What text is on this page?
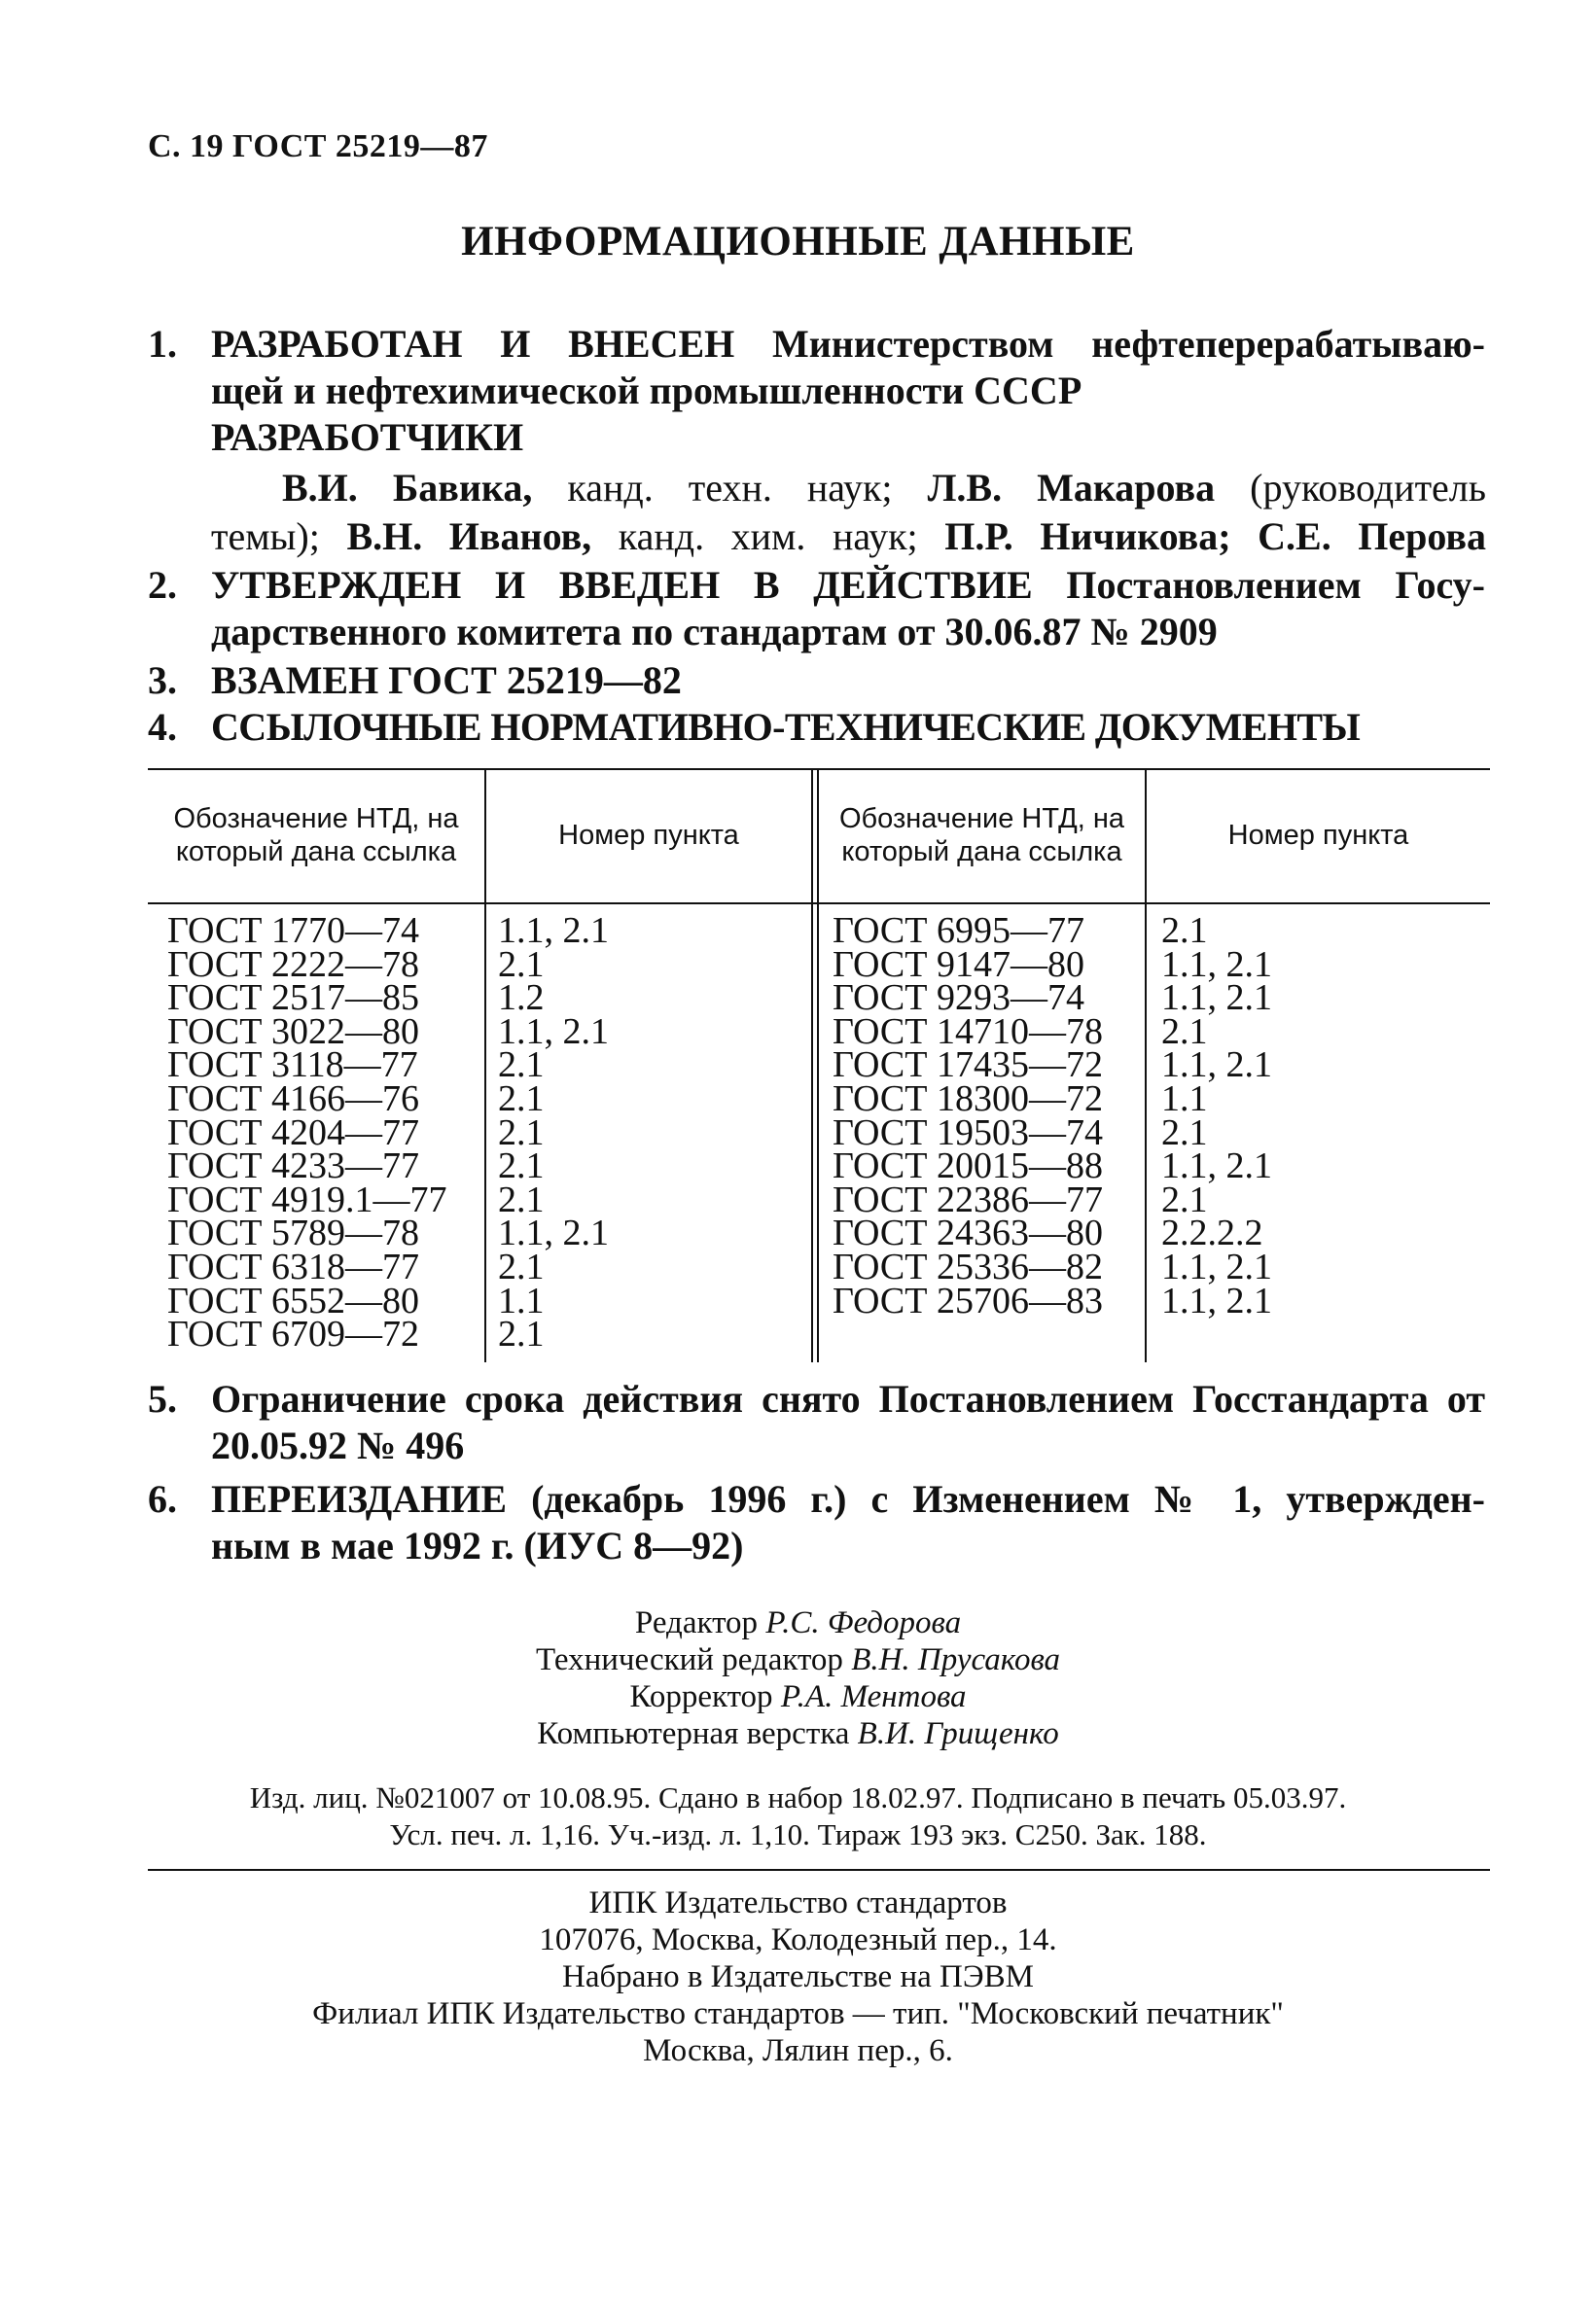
С. 19 ГОСТ 25219—87
ИНФОРМАЦИОННЫЕ ДАННЫЕ
1. РАЗРАБОТАН И ВНЕСЕН Министерством нефтеперерабатываю-
щей и нефтехимической промышленности СССР
РАЗРАБОТЧИКИ
В.И. Бавика, канд. техн. наук; Л.В. Макарова (руководитель
темы); В.Н. Иванов, канд. хим. наук; П.Р. Ничикова; С.Е. Перова
2. УТВЕРЖДЕН И ВВЕДЕН В ДЕЙСТВИЕ Постановлением Госу-
дарственного комитета по стандартам от 30.06.87 № 2909
3. ВЗАМЕН ГОСТ 25219—82
4. ССЫЛОЧНЫЕ НОРМАТИВНО-ТЕХНИЧЕСКИЕ ДОКУМЕНТЫ
Обозначение НТД, на который дана ссылка
Номер пункта
Обозначение НТД, на который дана ссылка
Номер пункта
ГОСТ 1770—74
ГОСТ 2222—78
ГОСТ 2517—85
ГОСТ 3022—80
ГОСТ 3118—77
ГОСТ 4166—76
ГОСТ 4204—77
ГОСТ 4233—77
ГОСТ 4919.1—77
ГОСТ 5789—78
ГОСТ 6318—77
ГОСТ 6552—80
ГОСТ 6709—72
1.1, 2.1
2.1
1.2
1.1, 2.1
2.1
2.1
2.1
2.1
2.1
1.1, 2.1
2.1
1.1
2.1
ГОСТ 6995—77
ГОСТ 9147—80
ГОСТ 9293—74
ГОСТ 14710—78
ГОСТ 17435—72
ГОСТ 18300—72
ГОСТ 19503—74
ГОСТ 20015—88
ГОСТ 22386—77
ГОСТ 24363—80
ГОСТ 25336—82
ГОСТ 25706—83
2.1
1.1, 2.1
1.1, 2.1
2.1
1.1, 2.1
1.1
2.1
1.1, 2.1
2.1
2.2.2.2
1.1, 2.1
1.1, 2.1
5. Ограничение срока действия снято Постановлением Госстандарта от
20.05.92 № 496
6. ПЕРЕИЗДАНИЕ (декабрь 1996 г.) с Изменением № 1, утвержден-
ным в мае 1992 г. (ИУС 8—92)
Редактор Р.С. Федорова
Технический редактор В.Н. Прусакова
Корректор Р.А. Ментова
Компьютерная верстка В.И. Грищенко
Изд. лиц. №021007 от 10.08.95. Сдано в набор 18.02.97. Подписано в печать 05.03.97.
Усл. печ. л. 1,16. Уч.-изд. л. 1,10. Тираж 193 экз. С250. Зак. 188.
ИПК Издательство стандартов
107076, Москва, Колодезный пер., 14.
Набрано в Издательстве на ПЭВМ
Филиал ИПК Издательство стандартов — тип. "Московский печатник"
Москва, Лялин пер., 6.
